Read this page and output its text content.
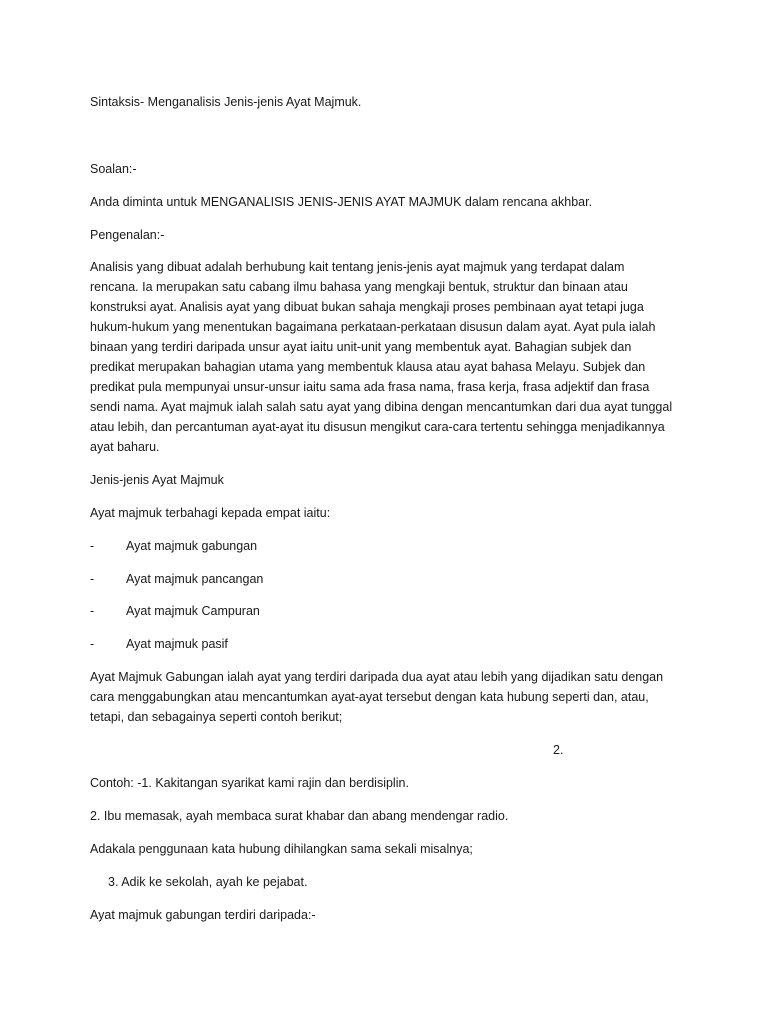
Sintaksis- Menganalisis Jenis-jenis Ayat Majmuk.
Soalan:-
Anda diminta untuk MENGANALISIS JENIS-JENIS AYAT MAJMUK dalam rencana akhbar.
Pengenalan:-
Analisis yang dibuat adalah berhubung kait tentang jenis-jenis ayat majmuk yang terdapat dalam
rencana. Ia merupakan satu cabang ilmu bahasa yang mengkaji bentuk, struktur dan binaan atau
konstruksi ayat. Analisis ayat yang dibuat bukan sahaja mengkaji proses pembinaan ayat tetapi juga
hukum-hukum yang menentukan bagaimana perkataan-perkataan disusun dalam ayat. Ayat pula ialah
binaan yang terdiri daripada unsur ayat iaitu unit-unit yang membentuk ayat. Bahagian subjek dan
predikat merupakan bahagian utama yang membentuk klausa atau ayat bahasa Melayu. Subjek dan
predikat pula mempunyai unsur-unsur iaitu sama ada frasa nama, frasa kerja, frasa adjektif dan frasa
sendi nama. Ayat majmuk ialah salah satu ayat yang dibina dengan mencantumkan dari dua ayat tunggal
atau lebih, dan percantuman ayat-ayat itu disusun mengikut cara-cara tertentu sehingga menjadikannya
ayat baharu.
Jenis-jenis Ayat Majmuk
Ayat majmuk terbahagi kepada empat iaitu:
-	Ayat majmuk gabungan
-	Ayat majmuk pancangan
-	Ayat majmuk Campuran
-	Ayat majmuk pasif
Ayat Majmuk Gabungan ialah ayat yang terdiri daripada dua ayat atau lebih yang dijadikan satu dengan
cara menggabungkan atau mencantumkan ayat-ayat tersebut dengan kata hubung seperti dan, atau,
tetapi, dan sebagainya seperti contoh berikut;
2.
Contoh: -1. Kakitangan syarikat kami rajin dan berdisiplin.
2. Ibu memasak, ayah membaca surat khabar dan abang mendengar radio.
Adakala penggunaan kata hubung dihilangkan sama sekali misalnya;
3. Adik ke sekolah, ayah ke pejabat.
Ayat majmuk gabungan terdiri daripada:-
